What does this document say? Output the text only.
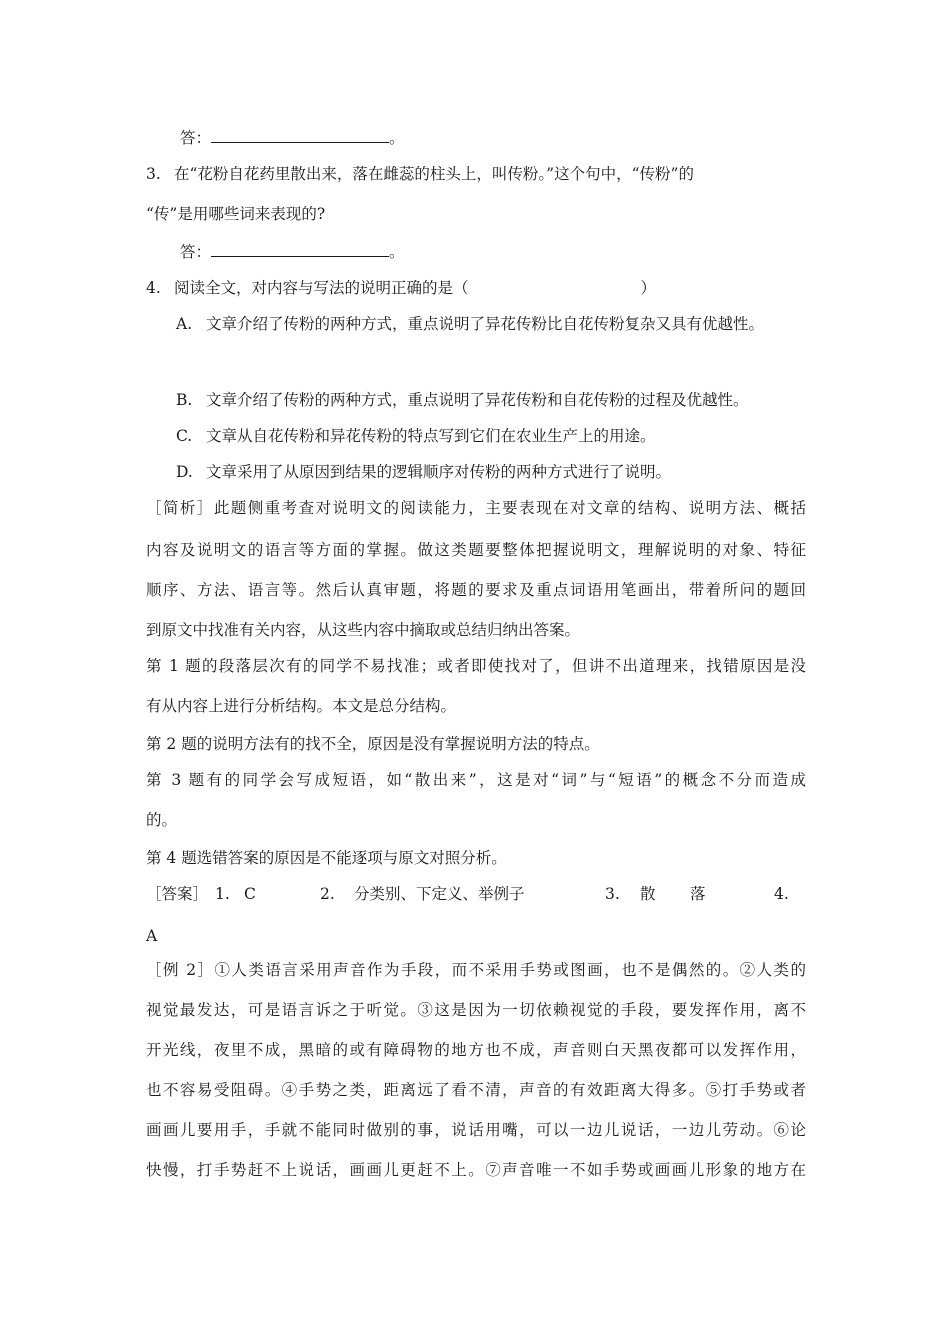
答：	。
3. 在“花粉自花药里散出来，落在雌蕊的柱头上，叫传粉。”这个句中，“传粉”的
“传”是用哪些词来表现的?
答：	。
4. 阅读全文，对内容与写法的说明正确的是（	）
A. 文章介绍了传粉的两种方式，重点说明了异花传粉比自花传粉复杂又具有优越性。
B. 文章介绍了传粉的两种方式，重点说明了异花传粉和自花传粉的过程及优越性。
C. 文章从自花传粉和异花传粉的特点写到它们在农业生产上的用途。
D. 文章采用了从原因到结果的逻辑顺序对传粉的两种方式进行了说明。
［简析］此题侧重考查对说明文的阅读能力，主要表现在对文章的结构、说明方法、概括
内容及说明文的语言等方面的掌握。做这类题要整体把握说明文，理解说明的对象、特征
顺序、方法、语言等。然后认真审题，将题的要求及重点词语用笔画出，带着所问的题回
到原文中找准有关内容，从这些内容中摘取或总结归纳出答案。
第 1 题的段落层次有的同学不易找准；或者即使找对了，但讲不出道理来，找错原因是没
有从内容上进行分析结构。本文是总分结构。
第 2 题的说明方法有的找不全，原因是没有掌握说明方法的特点。
第 3 题有的同学会写成短语，如“散出来”，这是对“词”与“短语”的概念不分而造成
的。
第 4 题选错答案的原因是不能逐项与原文对照分析。
［答案］ 1. C	2. 分类别、下定义、举例子	3. 散 落	4.
A
［例 2］①人类语言采用声音作为手段，而不采用手势或图画，也不是偶然的。②人类的
视觉最发达，可是语言诉之于听觉。③这是因为一切依赖视觉的手段，要发挥作用，离不
开光线，夜里不成，黑暗的或有障碍物的地方也不成，声音则白天黑夜都可以发挥作用，
也不容易受阻碍。④手势之类，距离远了看不清，声音的有效距离大得多。⑤打手势或者
画画儿要用手，手就不能同时做别的事，说话用嘴，可以一边儿说话，一边儿劳动。⑥论
快慢，打手势赶不上说话，画画儿更赶不上。⑦声音唯一不如手势或画画儿形象的地方在
